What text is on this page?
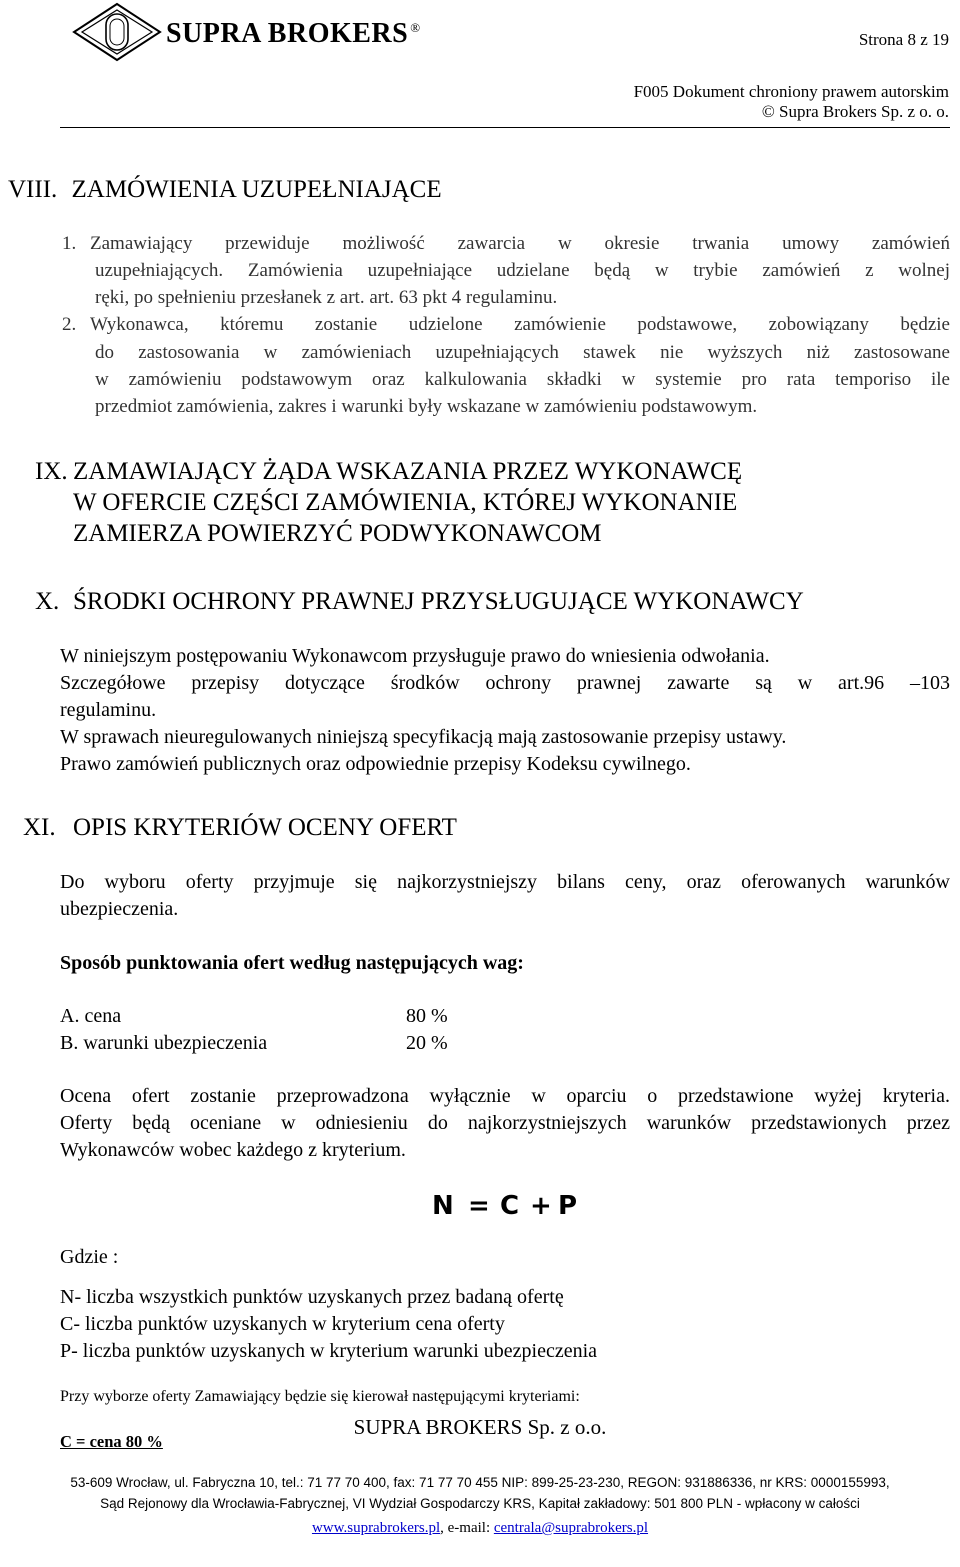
SUPRA BROKERS ®
Strona 8 z 19
F005 Dokument chroniony prawem autorskim
© Supra Brokers Sp. z o. o.
VIII. ZAMÓWIENIA UZUPEŁNIAJĄCE
1. Zamawiający przewiduje możliwość zawarcia w okresie trwania umowy zamówień
uzupełniających. Zamówienia uzupełniające udzielane będą w trybie zamówień z wolnej
ręki, po spełnieniu przesłanek z art. art. 63 pkt 4 regulaminu.
2. Wykonawca, któremu zostanie udzielone zamówienie podstawowe, zobowiązany będzie
do zastosowania w zamówieniach uzupełniających stawek nie wyższych niż zastosowane
w zamówieniu podstawowym oraz kalkulowania składki w systemie pro rata temporiso ile
przedmiot zamówienia, zakres i warunki były wskazane w zamówieniu podstawowym.
IX. ZAMAWIAJĄCY ŻĄDA WSKAZANIA PRZEZ WYKONAWCĘ
W OFERCIE CZĘŚCI ZAMÓWIENIA, KTÓREJ WYKONANIE
ZAMIERZA POWIERZYĆ PODWYKONAWCOM
X. ŚRODKI OCHRONY PRAWNEJ PRZYSŁUGUJĄCE WYKONAWCY
W niniejszym postępowaniu Wykonawcom przysługuje prawo do wniesienia odwołania.
Szczegółowe przepisy dotyczące środków ochrony prawnej zawarte są w art.96 –103
regulaminu.
W sprawach nieuregulowanych niniejszą specyfikacją mają zastosowanie przepisy ustawy.
Prawo zamówień publicznych oraz odpowiednie przepisy Kodeksu cywilnego.
XI. OPIS KRYTERIÓW OCENY OFERT
Do wyboru oferty przyjmuje się najkorzystniejszy bilans ceny, oraz oferowanych warunków
ubezpieczenia.
Sposób punktowania ofert według następujących wag:
A. cena	80 %
B. warunki ubezpieczenia	20 %
Ocena ofert zostanie przeprowadzona wyłącznie w oparciu o przedstawione wyżej kryteria.
Oferty będą oceniane w odniesieniu do najkorzystniejszych warunków przedstawionych przez
Wykonawców wobec każdego z kryterium.
N = C + P
Gdzie :
N- liczba wszystkich punktów uzyskanych przez badaną ofertę
C- liczba punktów uzyskanych w kryterium cena oferty
P- liczba punktów uzyskanych w kryterium warunki ubezpieczenia
Przy wyborze oferty Zamawiający będzie się kierował następującymi kryteriami:
C = cena 80 %
SUPRA BROKERS Sp. z o.o.
53-609 Wrocław, ul. Fabryczna 10, tel.: 71 77 70 400, fax: 71 77 70 455 NIP: 899-25-23-230, REGON: 931886336, nr KRS: 0000155993,
Sąd Rejonowy dla Wrocławia-Fabrycznej, VI Wydział Gospodarczy KRS, Kapitał zakładowy: 501 800 PLN - wpłacony w całości
www.suprabrokers.pl, e-mail: centrala@suprabrokers.pl
